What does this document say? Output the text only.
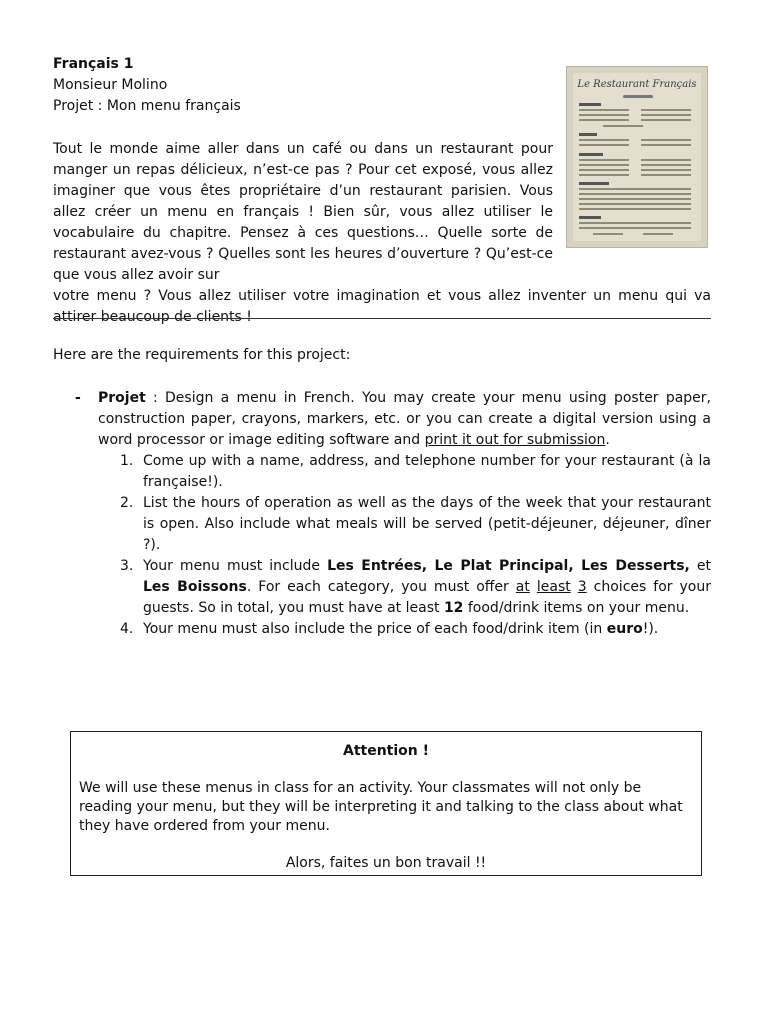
Français 1
Monsieur Molino
Projet : Mon menu français
Le Restaurant Français
Tout le monde aime aller dans un café ou dans un restaurant pour manger un repas délicieux, n’est-ce pas ? Pour cet exposé, vous allez imaginer que vous êtes propriétaire d’un restaurant parisien. Vous allez créer un menu en français ! Bien sûr, vous allez utiliser le vocabulaire du chapitre. Pensez à ces questions… Quelle sorte de restaurant avez-vous ? Quelles sont les heures d’ouverture ? Qu’est-ce que vous allez avoir sur
votre menu ? Vous allez utiliser votre imagination et vous allez inventer un menu qui va attirer beaucoup de clients !
Here are the requirements for this project:
- Projet : Design a menu in French. You may create your menu using poster paper, construction paper, crayons, markers, etc. or you can create a digital version using a word processor or image editing software and print it out for submission.
1. Come up with a name, address, and telephone number for your restaurant (à la française!).
2. List the hours of operation as well as the days of the week that your restaurant is open. Also include what meals will be served (petit-déjeuner, déjeuner, dîner ?).
3. Your menu must include Les Entrées, Le Plat Principal, Les Desserts, et Les Boissons. For each category, you must offer at least 3 choices for your guests. So in total, you must have at least 12 food/drink items on your menu.
4. Your menu must also include the price of each food/drink item (in euro!).
Attention !
We will use these menus in class for an activity. Your classmates will not only be reading your menu, but they will be interpreting it and talking to the class about what they have ordered from your menu.
Alors, faites un bon travail !!
